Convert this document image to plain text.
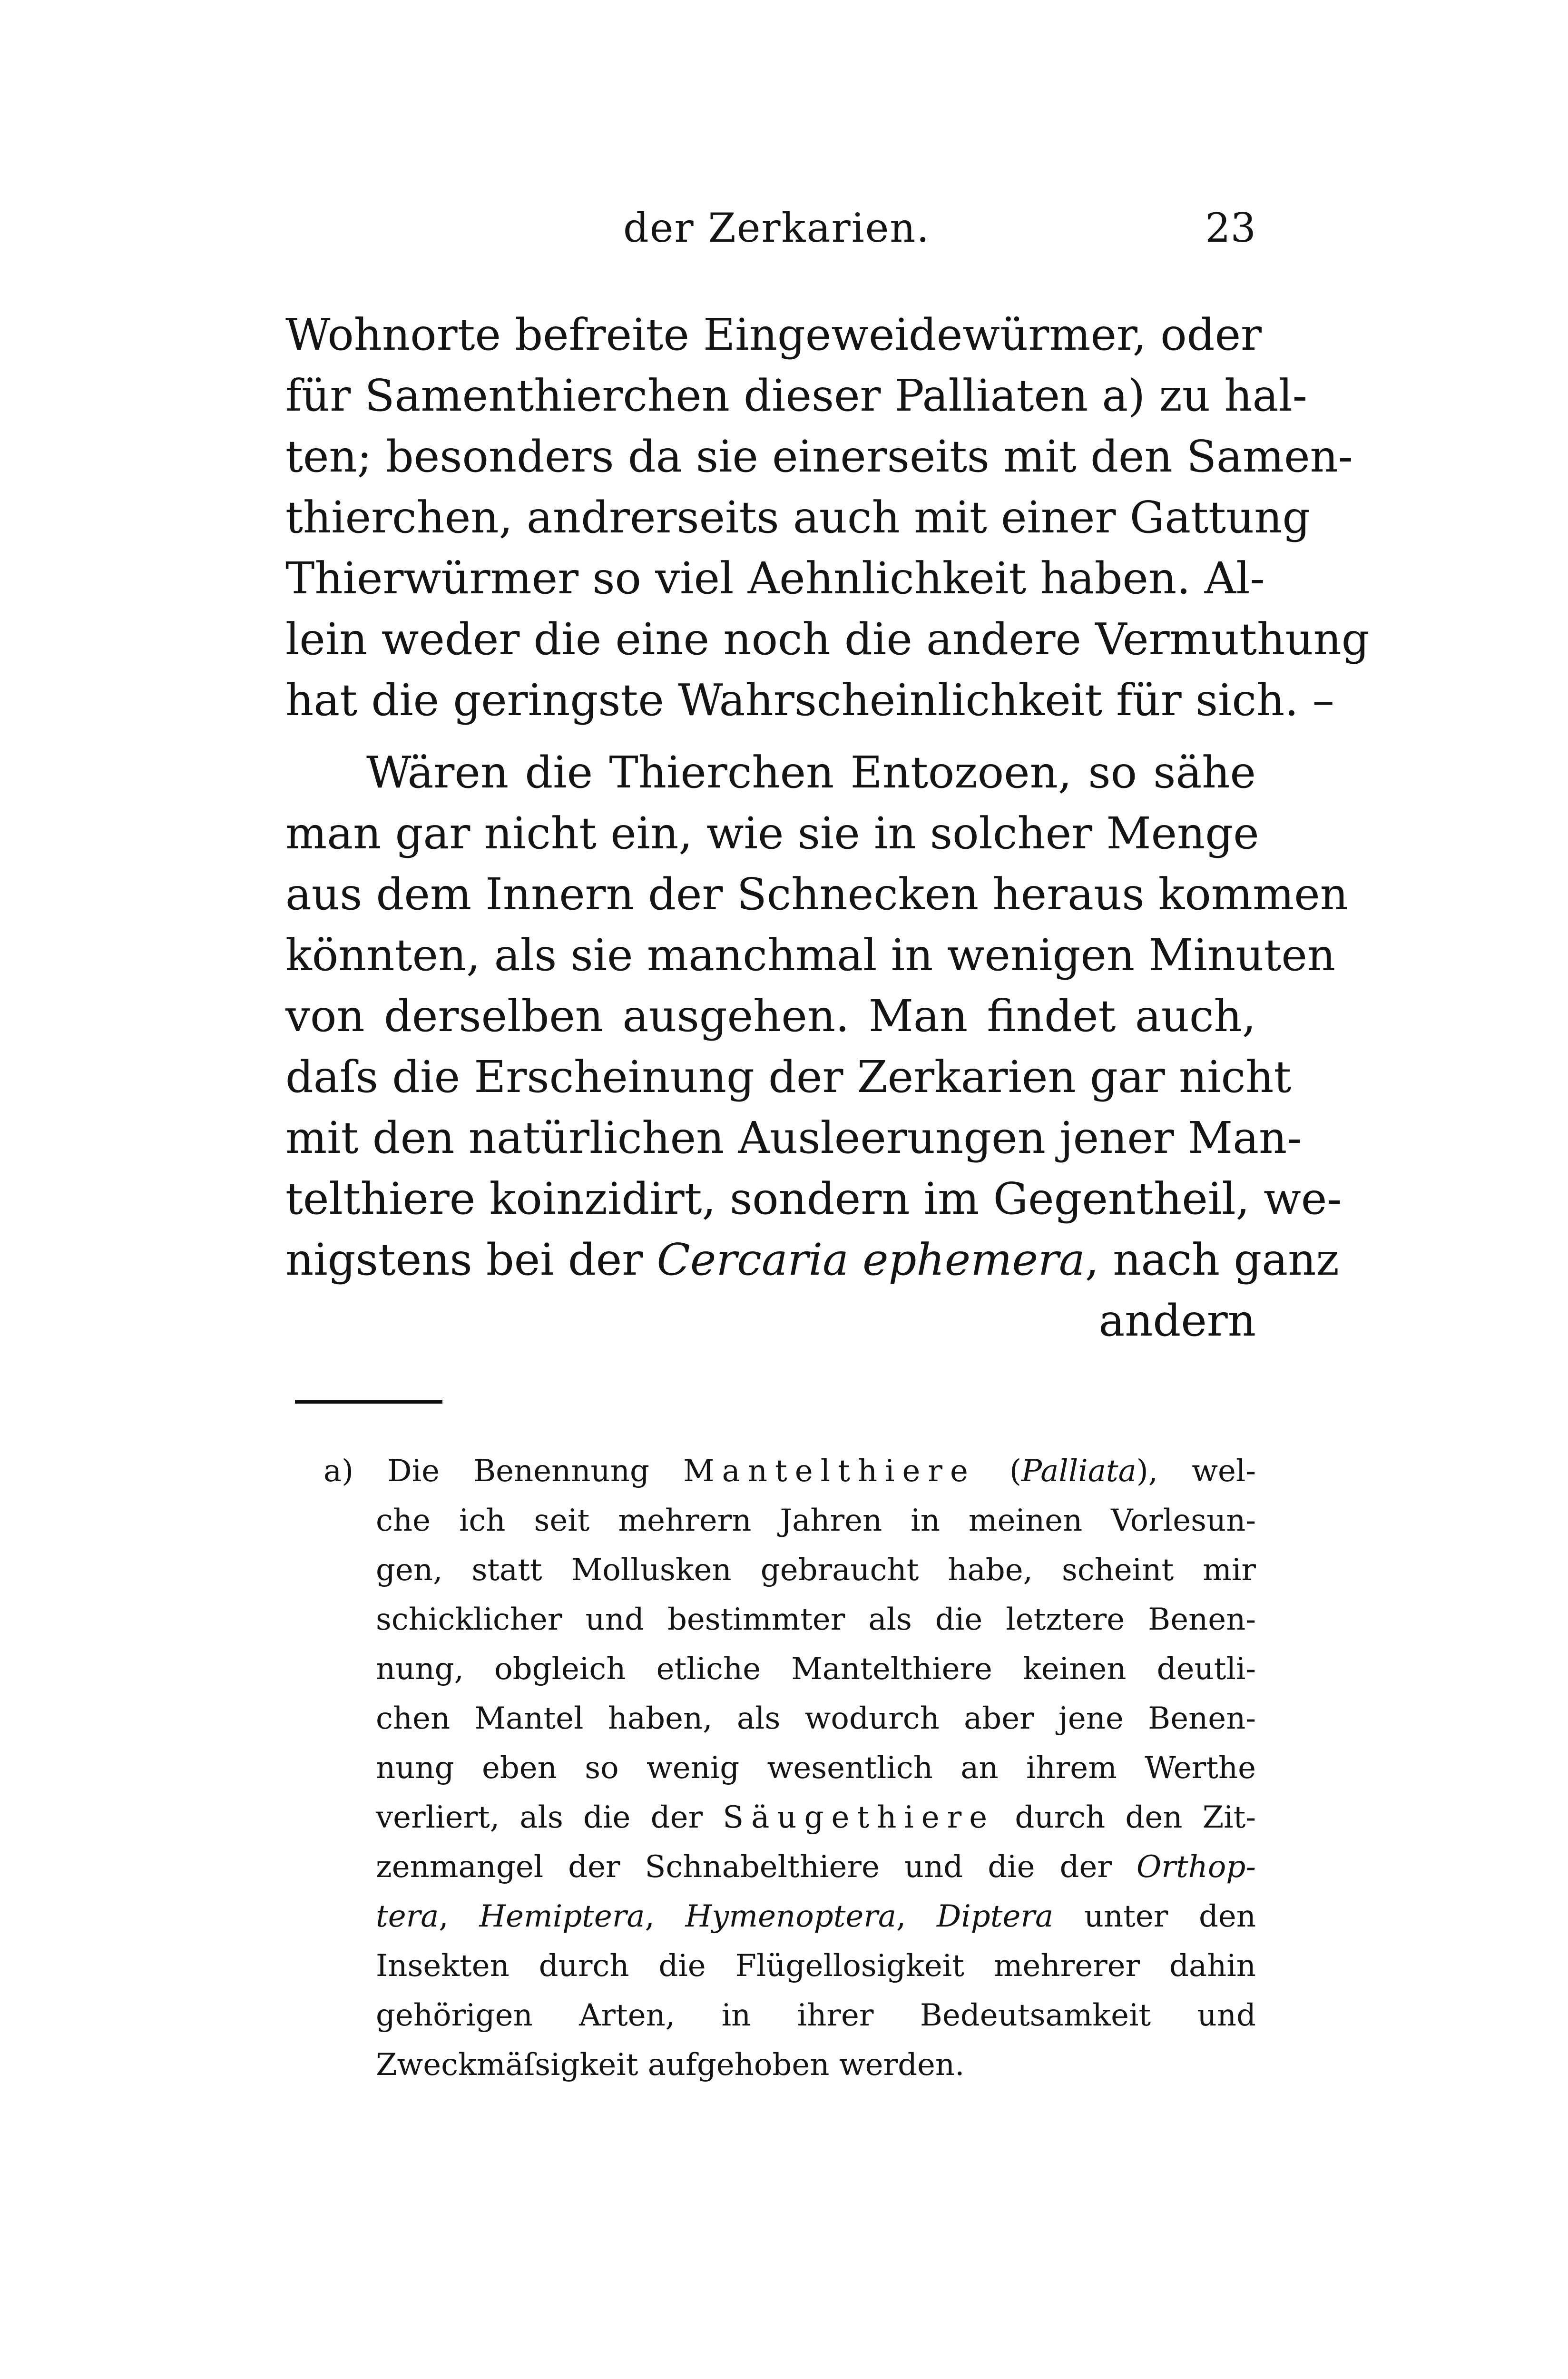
der Zerkarien.	23
Wohnorte befreite Eingeweidewürmer, oder
für Samenthierchen dieser Palliaten a) zu hal-
ten; besonders da sie einerseits mit den Samen-
thierchen, andrerseits auch mit einer Gattung
Thierwürmer so viel Aehnlichkeit haben. Al-
lein weder die eine noch die andere Vermuthung
hat die geringste Wahrscheinlichkeit für sich. –
Wären die Thierchen Entozoen, so sähe
man gar nicht ein, wie sie in solcher Menge
aus dem Innern der Schnecken heraus kommen
könnten, als sie manchmal in wenigen Minuten
von derselben ausgehen. Man findet auch,
daſs die Erscheinung der Zerkarien gar nicht
mit den natürlichen Ausleerungen jener Man-
telthiere koinzidirt, sondern im Gegentheil, we-
nigstens bei der Cercaria ephemera, nach ganz
andern
a) Die Benennung Mantelthiere (Palliata), wel-
che ich seit mehrern Jahren in meinen Vorlesun-
gen, statt Mollusken gebraucht habe, scheint mir
schicklicher und bestimmter als die letztere Benen-
nung, obgleich etliche Mantelthiere keinen deutli-
chen Mantel haben, als wodurch aber jene Benen-
nung eben so wenig wesentlich an ihrem Werthe
verliert, als die der Säugethiere durch den Zit-
zenmangel der Schnabelthiere und die der Orthop-
tera, Hemiptera, Hymenoptera, Diptera unter den
Insekten durch die Flügellosigkeit mehrerer dahin
gehörigen Arten, in ihrer Bedeutsamkeit und
Zweckmäſsigkeit aufgehoben werden.
